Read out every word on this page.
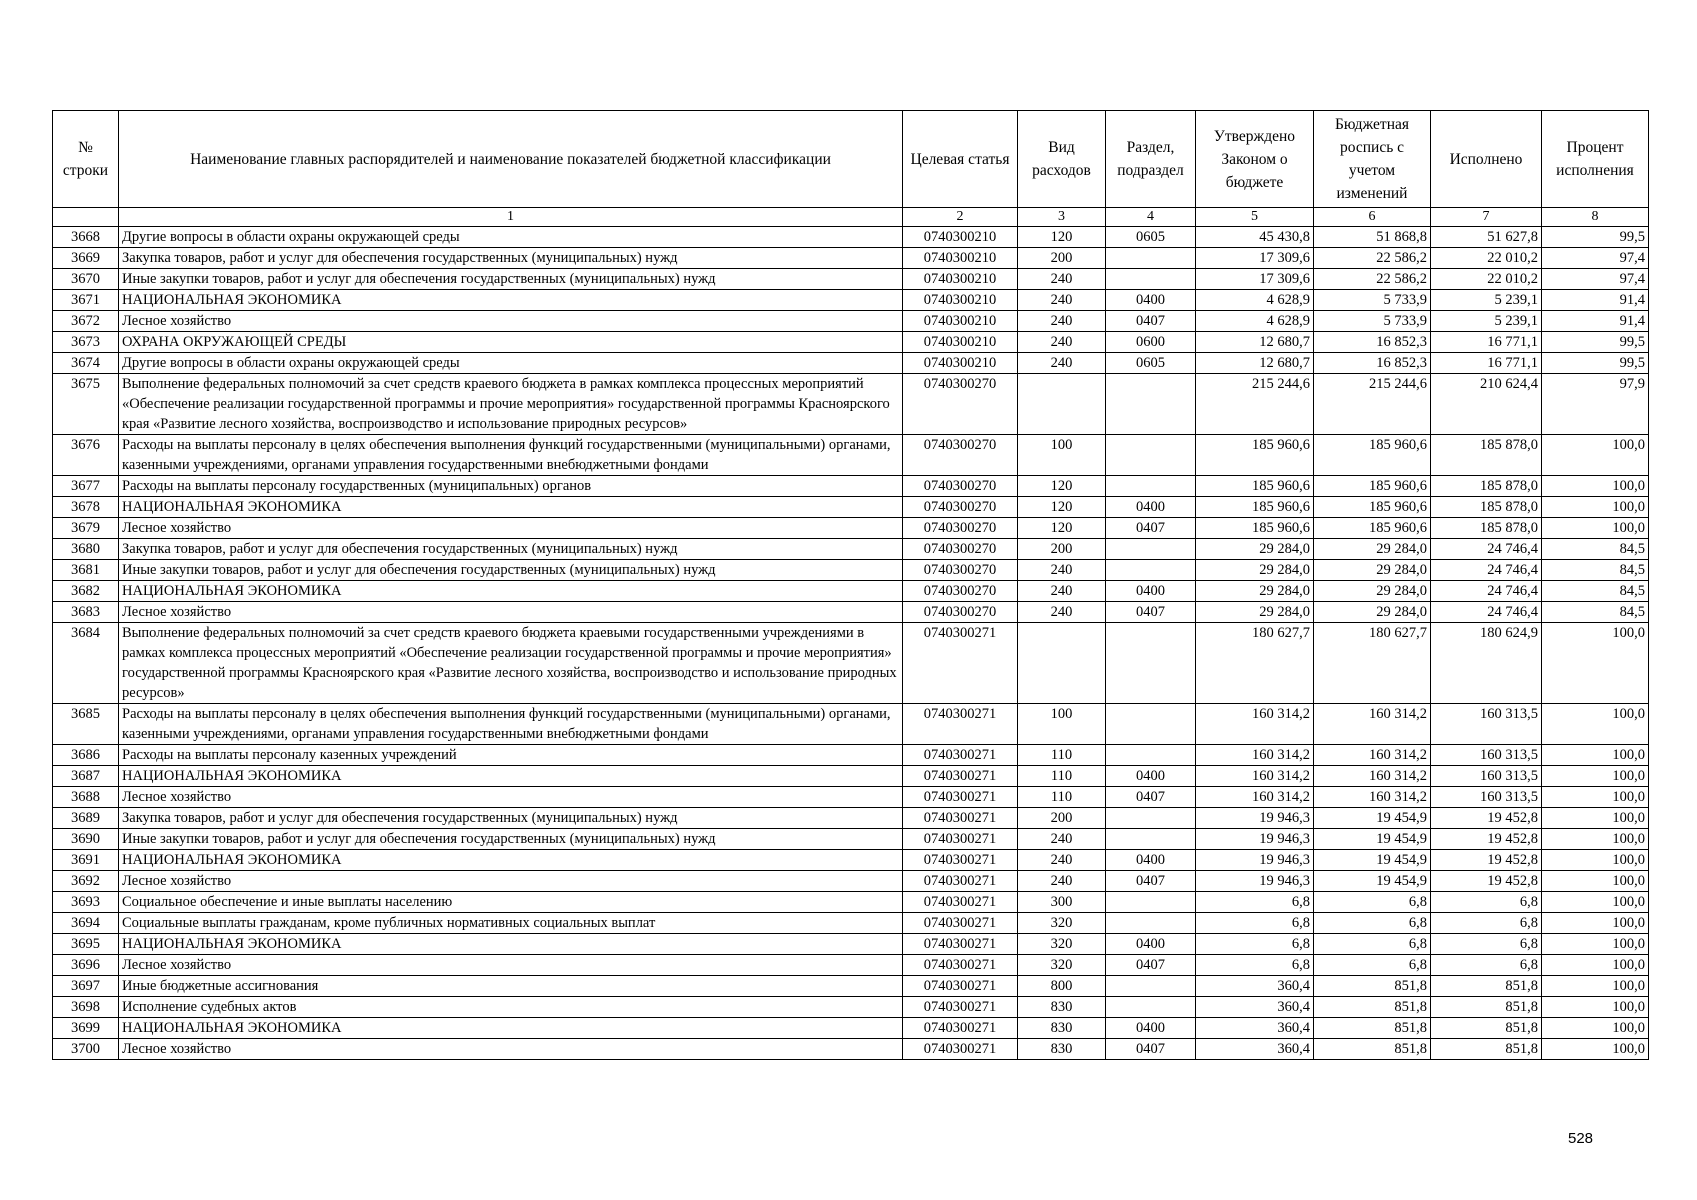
№ строки	Наименование главных распорядителей и наименование показателей бюджетной классификации	Целевая статья	Вид расходов	Раздел, подраздел	Утверждено Законом о бюджете	Бюджетная роспись с учетом изменений	Исполнено	Процент исполнения
	1	2	3	4	5	6	7	8
3668	Другие вопросы в области охраны окружающей среды	0740300210	120	0605	45 430,8	51 868,8	51 627,8	99,5
3669	Закупка товаров, работ и услуг для обеспечения государственных (муниципальных) нужд	0740300210	200		17 309,6	22 586,2	22 010,2	97,4
3670	Иные закупки товаров, работ и услуг для обеспечения государственных (муниципальных) нужд	0740300210	240		17 309,6	22 586,2	22 010,2	97,4
3671	НАЦИОНАЛЬНАЯ ЭКОНОМИКА	0740300210	240	0400	4 628,9	5 733,9	5 239,1	91,4
3672	Лесное хозяйство	0740300210	240	0407	4 628,9	5 733,9	5 239,1	91,4
3673	ОХРАНА ОКРУЖАЮЩЕЙ СРЕДЫ	0740300210	240	0600	12 680,7	16 852,3	16 771,1	99,5
3674	Другие вопросы в области охраны окружающей среды	0740300210	240	0605	12 680,7	16 852,3	16 771,1	99,5
3675	Выполнение федеральных полномочий за счет средств краевого бюджета в рамках комплекса процессных мероприятий «Обеспечение реализации государственной программы и прочие мероприятия» государственной программы Красноярского края «Развитие лесного хозяйства, воспроизводство и использование природных ресурсов»	0740300270			215 244,6	215 244,6	210 624,4	97,9
3676	Расходы на выплаты персоналу в целях обеспечения выполнения функций государственными (муниципальными) органами, казенными учреждениями, органами управления государственными внебюджетными фондами	0740300270	100		185 960,6	185 960,6	185 878,0	100,0
3677	Расходы на выплаты персоналу государственных (муниципальных) органов	0740300270	120		185 960,6	185 960,6	185 878,0	100,0
3678	НАЦИОНАЛЬНАЯ ЭКОНОМИКА	0740300270	120	0400	185 960,6	185 960,6	185 878,0	100,0
3679	Лесное хозяйство	0740300270	120	0407	185 960,6	185 960,6	185 878,0	100,0
3680	Закупка товаров, работ и услуг для обеспечения государственных (муниципальных) нужд	0740300270	200		29 284,0	29 284,0	24 746,4	84,5
3681	Иные закупки товаров, работ и услуг для обеспечения государственных (муниципальных) нужд	0740300270	240		29 284,0	29 284,0	24 746,4	84,5
3682	НАЦИОНАЛЬНАЯ ЭКОНОМИКА	0740300270	240	0400	29 284,0	29 284,0	24 746,4	84,5
3683	Лесное хозяйство	0740300270	240	0407	29 284,0	29 284,0	24 746,4	84,5
3684	Выполнение федеральных полномочий за счет средств краевого бюджета краевыми государственными учреждениями в рамках комплекса процессных мероприятий «Обеспечение реализации государственной программы и прочие мероприятия» государственной программы Красноярского края «Развитие лесного хозяйства, воспроизводство и использование природных ресурсов»	0740300271			180 627,7	180 627,7	180 624,9	100,0
3685	Расходы на выплаты персоналу в целях обеспечения выполнения функций государственными (муниципальными) органами, казенными учреждениями, органами управления государственными внебюджетными фондами	0740300271	100		160 314,2	160 314,2	160 313,5	100,0
3686	Расходы на выплаты персоналу казенных учреждений	0740300271	110		160 314,2	160 314,2	160 313,5	100,0
3687	НАЦИОНАЛЬНАЯ ЭКОНОМИКА	0740300271	110	0400	160 314,2	160 314,2	160 313,5	100,0
3688	Лесное хозяйство	0740300271	110	0407	160 314,2	160 314,2	160 313,5	100,0
3689	Закупка товаров, работ и услуг для обеспечения государственных (муниципальных) нужд	0740300271	200		19 946,3	19 454,9	19 452,8	100,0
3690	Иные закупки товаров, работ и услуг для обеспечения государственных (муниципальных) нужд	0740300271	240		19 946,3	19 454,9	19 452,8	100,0
3691	НАЦИОНАЛЬНАЯ ЭКОНОМИКА	0740300271	240	0400	19 946,3	19 454,9	19 452,8	100,0
3692	Лесное хозяйство	0740300271	240	0407	19 946,3	19 454,9	19 452,8	100,0
3693	Социальное обеспечение и иные выплаты населению	0740300271	300		6,8	6,8	6,8	100,0
3694	Социальные выплаты гражданам, кроме публичных нормативных социальных выплат	0740300271	320		6,8	6,8	6,8	100,0
3695	НАЦИОНАЛЬНАЯ ЭКОНОМИКА	0740300271	320	0400	6,8	6,8	6,8	100,0
3696	Лесное хозяйство	0740300271	320	0407	6,8	6,8	6,8	100,0
3697	Иные бюджетные ассигнования	0740300271	800		360,4	851,8	851,8	100,0
3698	Исполнение судебных актов	0740300271	830		360,4	851,8	851,8	100,0
3699	НАЦИОНАЛЬНАЯ ЭКОНОМИКА	0740300271	830	0400	360,4	851,8	851,8	100,0
3700	Лесное хозяйство	0740300271	830	0407	360,4	851,8	851,8	100,0
528
